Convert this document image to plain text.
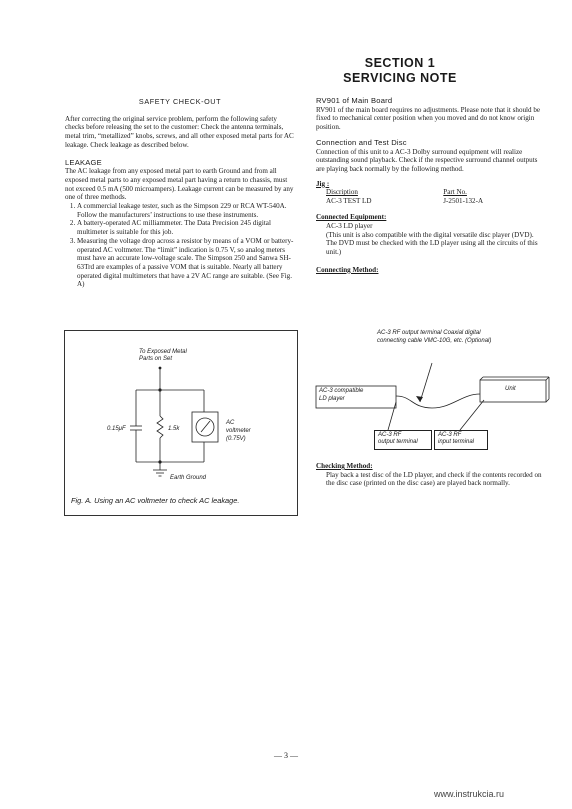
SECTION 1
SERVICING NOTE
SAFETY CHECK-OUT

After correcting the original service problem, perform the following safety checks before releasing the set to the customer: Check the antenna terminals, metal trim, “metallized” knobs, screws, and all other exposed metal parts for AC leakage. Check leakage as described below.

LEAKAGE

The AC leakage from any exposed metal part to earth Ground and from all exposed metal parts to any exposed metal part having a return to chassis, must not exceed 0.5 mA (500 microampers). Leakage current can be measured by any one of three methods.

1. A commercial leakage tester, such as the Simpson 229 or RCA WT-540A. Follow the manufacturers’ instructions to use these instruments.
2. A battery-operated AC milliammeter. The Data Precision 245 digital multimeter is suitable for this job.
3. Measuring the voltage drop across a resistor by means of a VOM or battery-operated AC voltmeter. The “limit” indication is 0.75 V, so analog meters must have an accurate low-voltage scale. The Simpson 250 and Sanwa SH-63Trd are examples of a passive VOM that is suitable. Nearly all battery operated digital multimeters that have a 2V AC range are suitable. (See Fig. A)
To Exposed Metal
Parts on Set
0.15μF	1.5k
AC
voltmeter
(0.75V)
Earth Ground
Fig. A. Using an AC voltmeter to check AC leakage.
RV901 of Main Board

RV901 of the main board requires no adjustments. Please note that it should be fixed to mechanical center position when you moved and do not know origin position.

Connection and Test Disc

Connection of this unit to a AC-3 Dolby surround equipment will realize outstanding sound playback. Check if the respective surround channel outputs are playing back normally by the following method.

Jig :
Discription	Part No.
AC-3 TEST LD	J-2501-132-A
Connected Equipment:
AC-3 LD player
(This unit is also compatible with the digital versatile disc player (DVD). The DVD must be checked with the LD player using all the circuits of this unit.)
Connecting Method:
AC-3 RF output terminal Coaxial digital
connecting cable VMC-10G, etc. (Optional)
AC-3 compatible
LD player
Unit
AC-3 RF
output terminal
AC-3 RF
input terminal
Checking Method:
Play back a test disc of the LD player, and check if the contents recorded on the disc case (printed on the disc case) are played back normally.
— 3 —
www.instrukcia.ru
